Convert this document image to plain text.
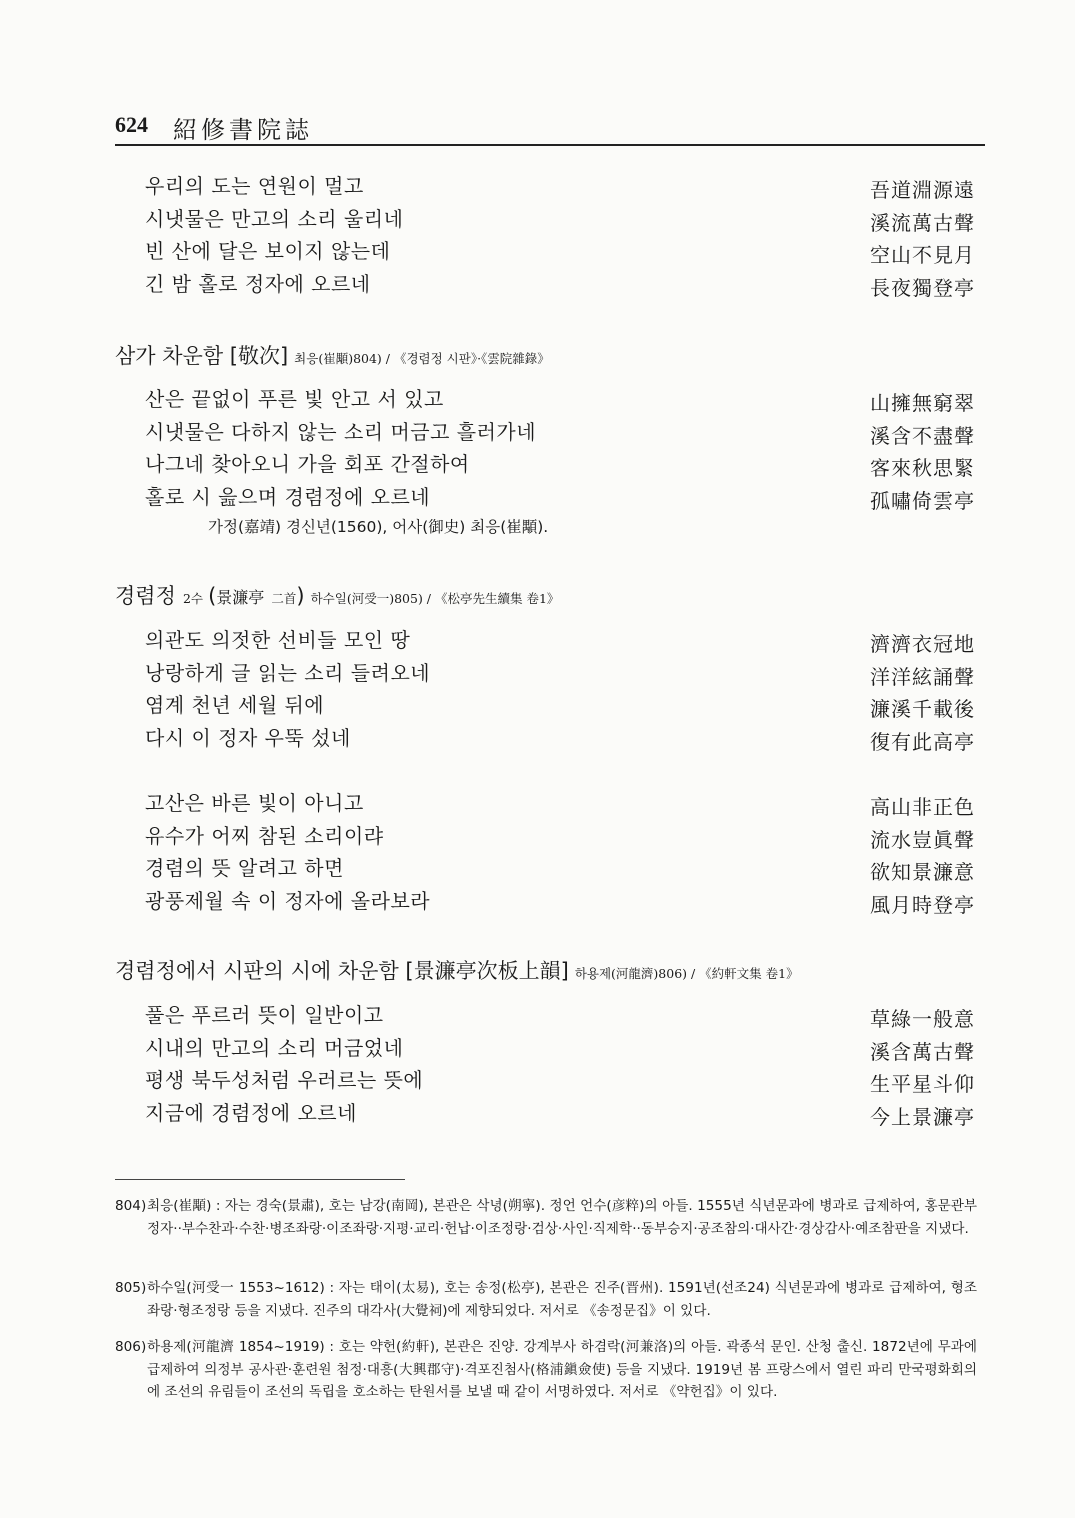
624 紹修書院誌
우리의 도는 연원이 멀고	吾道淵源遠
시냇물은 만고의 소리 울리네	溪流萬古聲
빈 산에 달은 보이지 않는데	空山不見月
긴 밤 홀로 정자에 오르네	長夜獨登亭
삼가 차운함 [敬次] 최응(崔顒)804) / 《경렴정 시판》·《雲院雜錄》
산은 끝없이 푸른 빛 안고 서 있고	山擁無窮翠
시냇물은 다하지 않는 소리 머금고 흘러가네	溪含不盡聲
나그네 찾아오니 가을 회포 간절하여	客來秋思緊
홀로 시 읊으며 경렴정에 오르네	孤嘯倚雲亭
가정(嘉靖) 경신년(1560), 어사(御史) 최응(崔顒).
경렴정 2수 (景濂亭 二首) 하수일(河受一)805) / 《松亭先生續集 卷1》
의관도 의젓한 선비들 모인 땅	濟濟衣冠地
낭랑하게 글 읽는 소리 들려오네	洋洋絃誦聲
염계 천년 세월 뒤에	濂溪千載後
다시 이 정자 우뚝 섰네	復有此高亭
고산은 바른 빛이 아니고	高山非正色
유수가 어찌 참된 소리이랴	流水豈眞聲
경렴의 뜻 알려고 하면	欲知景濂意
광풍제월 속 이 정자에 올라보라	風月時登亭
경렴정에서 시판의 시에 차운함 [景濂亭次板上韻] 하용제(河龍濟)806) / 《約軒文集 卷1》
풀은 푸르러 뜻이 일반이고	草綠一般意
시내의 만고의 소리 머금었네	溪含萬古聲
평생 북두성처럼 우러르는 뜻에	生平星斗仰
지금에 경렴정에 오르네	今上景濂亭
804) 최응(崔顒) : 자는 경숙(景肅), 호는 남강(南岡), 본관은 삭녕(朔寧). 정언 언수(彦粹)의 아들. 1555년 식년문과에 병과로 급제하여, 홍문관부정자··부수찬과·수찬·병조좌랑·이조좌랑·지평·교리·헌납·이조정랑·검상·사인·직제학··동부승지·공조참의·대사간·경상감사·예조참판을 지냈다.
805) 하수일(河受一 1553~1612) : 자는 태이(太易), 호는 송정(松亭), 본관은 진주(晋州). 1591년(선조24) 식년문과에 병과로 급제하여, 형조좌랑·형조정랑 등을 지냈다. 진주의 대각사(大覺祠)에 제향되었다. 저서로 《송정문집》이 있다.
806) 하용제(河龍濟 1854~1919) : 호는 약헌(約軒), 본관은 진양. 강계부사 하겸락(河兼洛)의 아들. 곽종석 문인. 산청 출신. 1872년에 무과에 급제하여 의정부 공사관·훈련원 첨정·대흥(大興郡守)·격포진첨사(格浦鎭僉使) 등을 지냈다. 1919년 봄 프랑스에서 열린 파리 만국평화회의에 조선의 유림들이 조선의 독립을 호소하는 탄원서를 보낼 때 같이 서명하였다. 저서로 《약헌집》이 있다.
